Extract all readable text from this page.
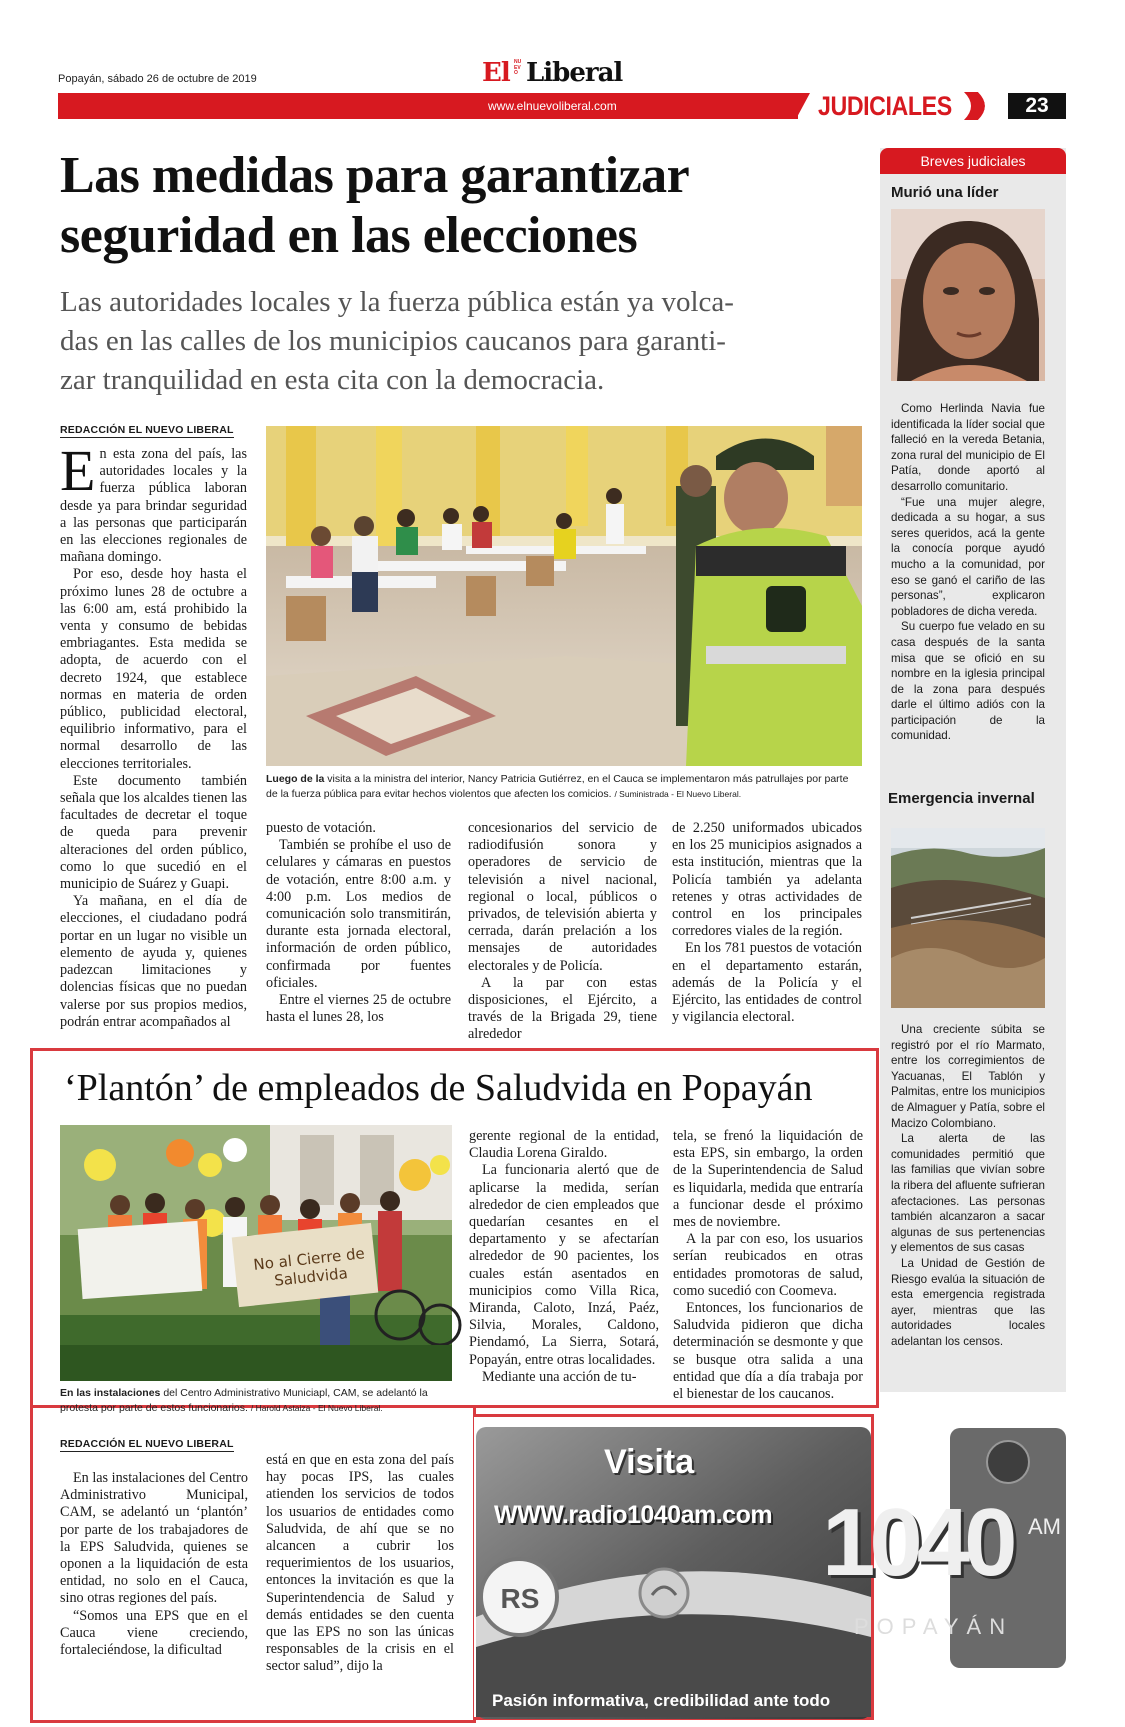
Popayán, sábado 26 de octubre de 2019	El NUEVO Liberal
www.elnuevoliberal.com	JUDICIALES	23
Las medidas para garantizar
seguridad en las elecciones
Las autoridades locales y la fuerza pública están ya volca-
das en las calles de los municipios caucanos para garanti-
zar tranquilidad en esta cita con la democracia.
REDACCIÓN EL NUEVO LIBERAL
E n esta zona del país, las autoridades locales y la fuerza pública laboran desde ya para brindar seguridad a las personas que participarán en las elecciones regionales de mañana domingo.

Por eso, desde hoy hasta el próximo lunes 28 de octubre a las 6:00 am, está prohibido la venta y consumo de bebidas embriagantes. Esta medida se adopta, de acuerdo con el decreto 1924, que establece normas en materia de orden público, publicidad electoral, equilibrio informativo, para el normal desarrollo de las elecciones territoriales.

Este documento también señala que los alcaldes tienen las facultades de decretar el toque de queda para prevenir alteraciones del orden público, como lo que sucedió en el municipio de Suárez y Guapi.

Ya mañana, en el día de elecciones, el ciudadano podrá portar en un lugar no visible un elemento de ayuda y, quienes padezcan limitaciones y dolencias físicas que no puedan valerse por sus propios medios, podrán entrar acompañados al

Luego de la visita a la ministra del interior, Nancy Patricia Gutiérrez, en el Cauca se implementaron más patrullajes por parte de la fuerza pública para evitar hechos violentos que afecten los comicios. / Suministrada - El Nuevo Liberal.

puesto de votación.

También se prohíbe el uso de celulares y cámaras en puestos de votación, entre 8:00 a.m. y 4:00 p.m. Los medios de comunicación solo transmitirán, durante esta jornada electoral, información de orden público, confirmada por fuentes oficiales.

Entre el viernes 25 de octubre hasta el lunes 28, los

concesionarios del servicio de radiodifusión sonora y operadores de servicio de televisión a nivel nacional, regional o local, públicos o privados, de televisión abierta y cerrada, darán prelación a los mensajes de autoridades electorales y de Policía.

A la par con estas disposiciones, el Ejército, a través de la Brigada 29, tiene alrededor

de 2.250 uniformados ubicados en los 25 municipios asignados a esta institución, mientras que la Policía también ya adelanta retenes y otras actividades de control en los principales corredores viales de la región.

En los 781 puestos de votación en el departamento estarán, además de la Policía y el Ejército, las entidades de control y vigilancia electoral.

‘Plantón’ de empleados de Saludvida en Popayán
No al Cierre de Saludvida
En las instalaciones del Centro Administrativo Municiapl, CAM, se adelantó la protesta por parte de estos funcionarios. / Harold Astaiza - El Nuevo Liberal.

gerente regional de la entidad, Claudia Lorena Giraldo.

La funcionaria alertó que de aplicarse la medida, serían alrededor de cien empleados que quedarían cesantes en el departamento y se afectarían alrededor de 90 pacientes, los cuales están asentados en municipios como Villa Rica, Miranda, Caloto, Inzá, Paéz, Silvia, Morales, Caldono, Piendamó, La Sierra, Sotará, Popayán, entre otras localidades.

Mediante una acción de tu-

tela, se frenó la liquidación de esta EPS, sin embargo, la orden de la Superintendencia de Salud es liquidarla, medida que entraría a funcionar desde el próximo mes de noviembre.

A la par con eso, los usuarios serían reubicados en otras entidades promotoras de salud, como sucedió con Coomeva.

Entonces, los funcionarios de Saludvida pidieron que dicha determinación se desmonte y que se busque otra salida a una entidad que día a día trabaja por el bienestar de los caucanos.

REDACCIÓN EL NUEVO LIBERAL

En las instalaciones del Centro Administrativo Municipal, CAM, se adelantó un ‘plantón’ por parte de los trabajadores de la EPS Saludvida, quienes se oponen a la liquidación de esta entidad, no solo en el Cauca, sino otras regiones del país.

“Somos una EPS que en el Cauca viene creciendo, fortaleciéndose, la dificultad

está en que en esta zona del país hay pocas IPS, las cuales atienden los servicios de todos los usuarios de entidades como Saludvida, de ahí que se no alcancen a cubrir los requerimientos de los usuarios, entonces la invitación es que la Superintendencia de Salud y demás entidades se den cuenta que las EPS no son las únicas responsables de la crisis en el sector salud”, dijo la

Visita
WWW.radio1040am.com
RS
Pasión informativa, credibilidad ante todo
1040 AM
POPAYÁN
Breves judiciales
Murió una líder

Como Herlinda Navia fue identificada la líder social que falleció en la vereda Betania, zona rural del municipio de El Patía, donde aportó al desarrollo comunitario.

“Fue una mujer alegre, dedicada a su hogar, a sus seres queridos, acá la gente la conocía porque ayudó mucho a la comunidad, por eso se ganó el cariño de las personas”, explicaron pobladores de dicha vereda.

Su cuerpo fue velado en su casa después de la santa misa que se ofició en su nombre en la iglesia principal de la zona para después darle el último adiós con la participación de la comunidad.

Emergencia invernal

Una creciente súbita se registró por el río Marmato, entre los corregimientos de Yacuanas, El Tablón y Palmitas, entre los municipios de Almaguer y Patía, sobre el Macizo Colombiano.

La alerta de las comunidades permitió que las familias que vivían sobre la ribera del afluente sufrieran afectaciones. Las personas también alcanzaron a sacar algunas de sus pertenencias y elementos de sus casas

La Unidad de Gestión de Riesgo evalúa la situación de esta emergencia registrada ayer, mientras que las autoridades locales adelantan los censos.
